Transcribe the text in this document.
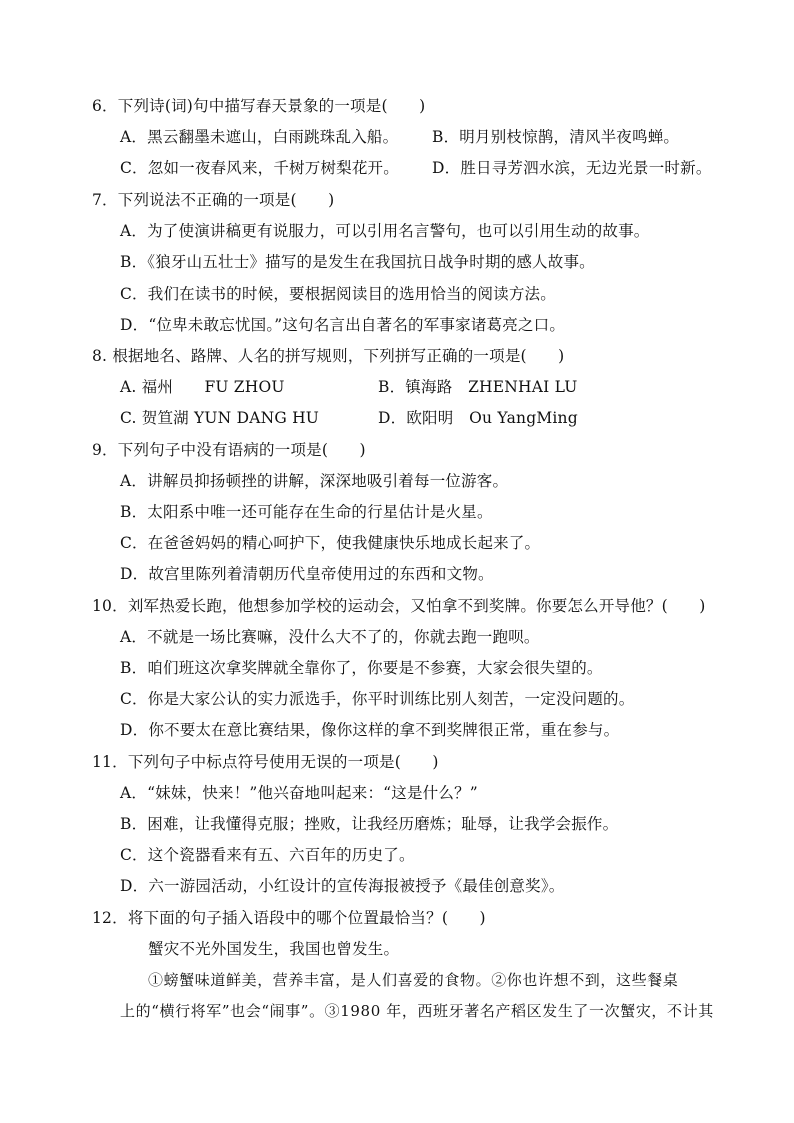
6．下列诗(词)句中描写春天景象的一项是(　　)
A．黑云翻墨未遮山，白雨跳珠乱入船。 B．明月别枝惊鹊，清风半夜鸣蝉。
C．忽如一夜春风来，千树万树梨花开。 D．胜日寻芳泗水滨，无边光景一时新。
7．下列说法不正确的一项是(　　)
A．为了使演讲稿更有说服力，可以引用名言警句，也可以引用生动的故事。
B．《狼牙山五壮士》描写的是发生在我国抗日战争时期的感人故事。
C．我们在读书的时候，要根据阅读目的选用恰当的阅读方法。
D．“位卑未敢忘忧国。”这句名言出自著名的军事家诸葛亮之口。
8. 根据地名、路牌、人名的拼写规则，下列拼写正确的一项是(　　)
A. 福州　　FU ZHOU	B．镇海路　ZHENHAI LU
C. 贺笪湖 YUN DANG HU	D．欧阳明　Ou YangMing
9．下列句子中没有语病的一项是(　　)
A．讲解员抑扬顿挫的讲解，深深地吸引着每一位游客。
B．太阳系中唯一还可能存在生命的行星估计是火星。
C．在爸爸妈妈的精心呵护下，使我健康快乐地成长起来了。
D．故宫里陈列着清朝历代皇帝使用过的东西和文物。
10．刘军热爱长跑，他想参加学校的运动会，又怕拿不到奖牌。你要怎么开导他？(　　)
A．不就是一场比赛嘛，没什么大不了的，你就去跑一跑呗。
B．咱们班这次拿奖牌就全靠你了，你要是不参赛，大家会很失望的。
C．你是大家公认的实力派选手，你平时训练比别人刻苦，一定没问题的。
D．你不要太在意比赛结果，像你这样的拿不到奖牌很正常，重在参与。
11．下列句子中标点符号使用无误的一项是(　　)
A．“妹妹，快来！”他兴奋地叫起来：“这是什么？”
B．困难，让我懂得克服；挫败，让我经历磨炼；耻辱，让我学会振作。
C．这个瓷器看来有五、六百年的历史了。
D．六一游园活动，小红设计的宣传海报被授予《最佳创意奖》。
12．将下面的句子插入语段中的哪个位置最恰当？(　　)
蟹灾不光外国发生，我国也曾发生。
①螃蟹味道鲜美，营养丰富，是人们喜爱的食物。②你也许想不到，这些餐桌
上的“横行将军”也会“闹事”。③1980 年，西班牙著名产稻区发生了一次蟹灾，不计其
